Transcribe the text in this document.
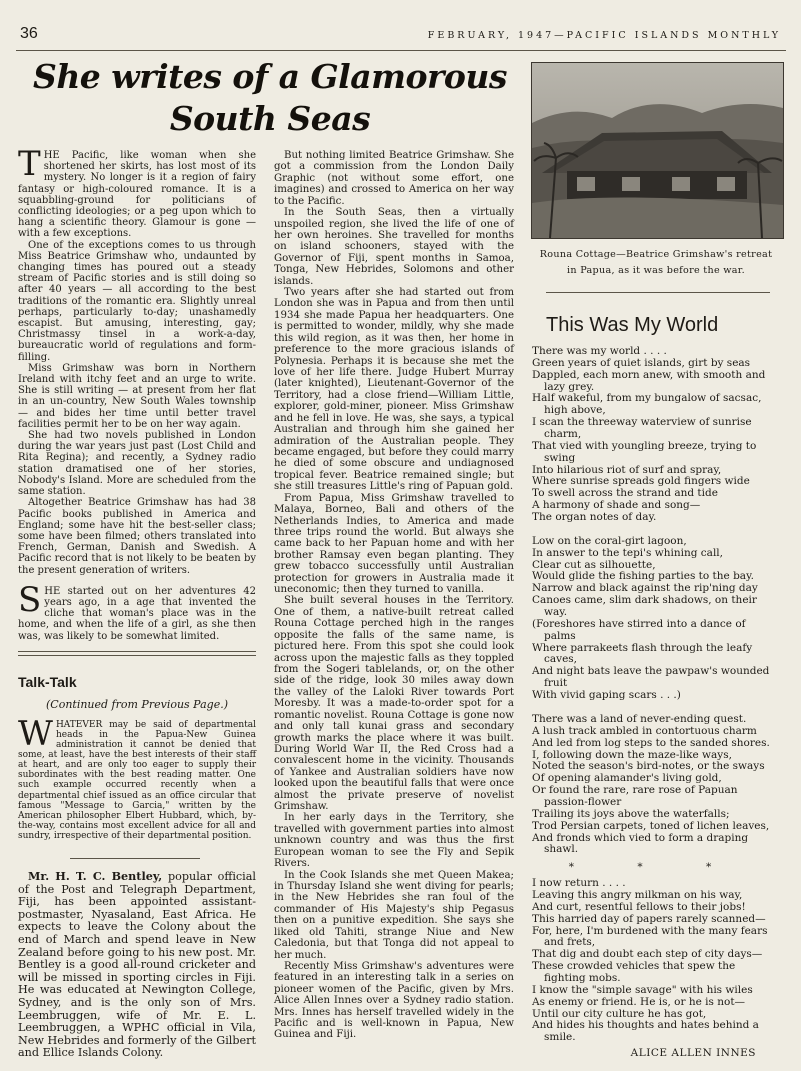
36	FEBRUARY, 1947—PACIFIC ISLANDS MONTHLY
She writes of a Glamorous South Seas

THE Pacific, like woman when she shortened her skirts, has lost most of its mystery. No longer is it a region of fairy fantasy or high-coloured romance. It is a squabbling-ground for politicians of conflicting ideologies; or a peg upon which to hang a scientific theory. Glamour is gone — with a few exceptions.

One of the exceptions comes to us through Miss Beatrice Grimshaw who, undaunted by changing times has poured out a steady stream of Pacific stories and is still doing so after 40 years — all according to the best traditions of the romantic era. Slightly unreal perhaps, particularly to-day; unashamedly escapist. But amusing, interesting, gay; Christmassy tinsel in a work-a-day, bureaucratic world of regulations and form-filling.

Miss Grimshaw was born in Northern Ireland with itchy feet and an urge to write. She is still writing — at present from her flat in an un-country, New South Wales township — and bides her time until better travel facilities permit her to be on her way again.

She had two novels published in London during the war years just past (Lost Child and Rita Regina); and recently, a Sydney radio station dramatised one of her stories, Nobody's Island. More are scheduled from the same station.

Altogether Beatrice Grimshaw has had 38 Pacific books published in America and England; some have hit the best-seller class; some have been filmed; others translated into French, German, Danish and Swedish. A Pacific record that is not likely to be beaten by the present generation of writers.

SHE started out on her adventures 42 years ago, in a age that invented the cliche that woman's place was in the home, and when the life of a girl, as she then was, was likely to be somewhat limited.

Talk-Talk
(Continued from Previous Page.)

WHATEVER may be said of departmental heads in the Papua-New Guinea administration it cannot be denied that some, at least, have the best interests of their staff at heart, and are only too eager to supply their subordinates with the best reading matter. One such example occurred recently when a departmental chief issued as an office circular that famous "Message to Garcia," written by the American philosopher Elbert Hubbard, which, by-the-way, contains most excellent advice for all and sundry, irrespective of their departmental position.

Mr. H. T. C. Bentley, popular official of the Post and Telegraph Department, Fiji, has been appointed assistant-postmaster, Nyasaland, East Africa. He expects to leave the Colony about the end of March and spend leave in New Zealand before going to his new post. Mr. Bentley is a good all-round cricketer and will be missed in sporting circles in Fiji. He was educated at Newington College, Sydney, and is the only son of Mrs. Leembruggen, wife of Mr. E. L. Leembruggen, a WPHC official in Vila, New Hebrides and formerly of the Gilbert and Ellice Islands Colony.

But nothing limited Beatrice Grimshaw. She got a commission from the London Daily Graphic (not without some effort, one imagines) and crossed to America on her way to the Pacific.

In the South Seas, then a virtually unspoiled region, she lived the life of one of her own heroines. She travelled for months on island schooners, stayed with the Governor of Fiji, spent months in Samoa, Tonga, New Hebrides, Solomons and other islands.

Two years after she had started out from London she was in Papua and from then until 1934 she made Papua her headquarters. One is permitted to wonder, mildly, why she made this wild region, as it was then, her home in preference to the more gracious islands of Polynesia. Perhaps it is because she met the love of her life there. Judge Hubert Murray (later knighted), Lieutenant-Governor of the Territory, had a close friend—William Little, explorer, gold-miner, pioneer. Miss Grimshaw and he fell in love. He was, she says, a typical Australian and through him she gained her admiration of the Australian people. They became engaged, but before they could marry he died of some obscure and undiagnosed tropical fever. Beatrice remained single; but she still treasures Little's ring of Papuan gold.

From Papua, Miss Grimshaw travelled to Malaya, Borneo, Bali and others of the Netherlands Indies, to America and made three trips round the world. But always she came back to her Papuan home and with her brother Ramsay even began planting. They grew tobacco successfully until Australian protection for growers in Australia made it uneconomic; then they turned to vanilla.

She built several houses in the Territory. One of them, a native-built retreat called Rouna Cottage perched high in the ranges opposite the falls of the same name, is pictured here. From this spot she could look across upon the majestic falls as they toppled from the Sogeri tablelands, or, on the other side of the ridge, look 30 miles away down the valley of the Laloki River towards Port Moresby. It was a made-to-order spot for a romantic novelist. Rouna Cottage is gone now and only tall kunai grass and secondary growth marks the place where it was built. During World War II, the Red Cross had a convalescent home in the vicinity. Thousands of Yankee and Australian soldiers have now looked upon the beautiful falls that were once almost the private preserve of novelist Grimshaw.

In her early days in the Territory, she travelled with government parties into almost unknown country and was thus the first European woman to see the Fly and Sepik Rivers.

In the Cook Islands she met Queen Makea; in Thursday Island she went diving for pearls; in the New Hebrides she ran foul of the commander of His Majesty's ship Pegasus then on a punitive expedition. She says she liked old Tahiti, strange Niue and New Caledonia, but that Tonga did not appeal to her much.

Recently Miss Grimshaw's adventures were featured in an interesting talk in a series on pioneer women of the Pacific, given by Mrs. Alice Allen Innes over a Sydney radio station. Mrs. Innes has herself travelled widely in the Pacific and is well-known in Papua, New Guinea and Fiji.

Rouna Cottage—Beatrice Grimshaw's retreat in Papua, as it was before the war.
This Was My World
There was my world . . . .
Green years of quiet islands, girt by seas
Dappled, each morn anew, with smooth and lazy grey.
Half wakeful, from my bungalow of sacsac, high above,
I scan the threeway waterview of sunrise charm,
That vied with youngling breeze, trying to swing
Into hilarious riot of surf and spray,
Where sunrise spreads gold fingers wide
To swell across the strand and tide
A harmony of shade and song—
The organ notes of day.
Low on the coral-girt lagoon,
In answer to the tepi's whining call,
Clear cut as silhouette,
Would glide the fishing parties to the bay.
Narrow and black against the rip'ning day
Canoes came, slim dark shadows, on their way.
(Foreshores have stirred into a dance of palms
Where parrakeets flash through the leafy caves,
And night bats leave the pawpaw's wounded fruit
With vivid gaping scars . . .)
There was a land of never-ending quest.
A lush track ambled in contortuous charm
And led from log steps to the sanded shores.
I, following down the maze-like ways,
Noted the season's bird-notes, or the sways
Of opening alamander's living gold,
Or found the rare, rare rose of Papuan passion-flower
Trailing its joys above the waterfalls;
Trod Persian carpets, toned of lichen leaves,
And fronds which vied to form a draping shawl.
* * *
I now return . . . .
Leaving this angry milkman on his way,
And curt, resentful fellows to their jobs!
This harried day of papers rarely scanned—
For, here, I'm burdened with the many fears and frets,
That dig and doubt each step of city days—
These crowded vehicles that spew the fighting mobs.
I know the "simple savage" with his wiles
As enemy or friend. He is, or he is not—
Until our city culture he has got,
And hides his thoughts and hates behind a smile.
ALICE ALLEN INNES
